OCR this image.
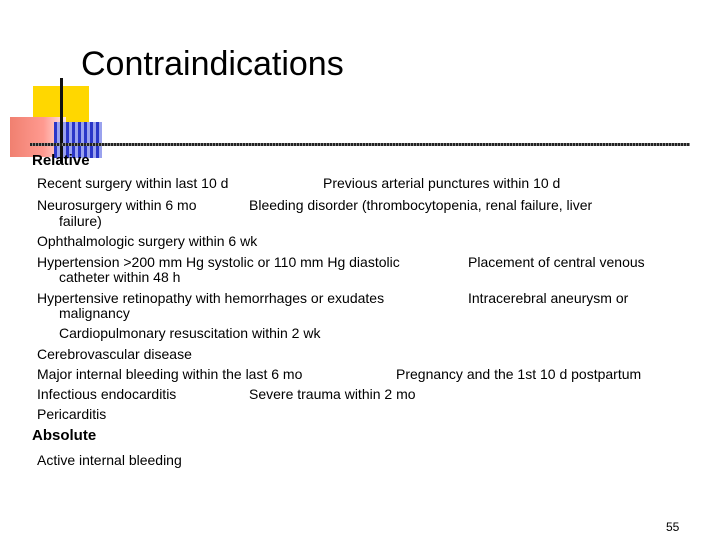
Contraindications
Relative
Recent surgery within last 10 d	Previous arterial punctures within 10 d
Neurosurgery within 6 mo	Bleeding disorder (thrombocytopenia, renal failure, liver
failure)
Ophthalmologic surgery within 6 wk
Hypertension >200 mm Hg systolic or 110 mm Hg diastolic	Placement of central venous
catheter within 48 h
Hypertensive retinopathy with hemorrhages or exudates	Intracerebral aneurysm or
malignancy
Cardiopulmonary resuscitation within 2 wk
Cerebrovascular disease
Major internal bleeding within the last 6 mo	Pregnancy and the 1st 10 d postpartum
Infectious endocarditis	Severe trauma within 2 mo
Pericarditis
Absolute
Active internal bleeding
55
